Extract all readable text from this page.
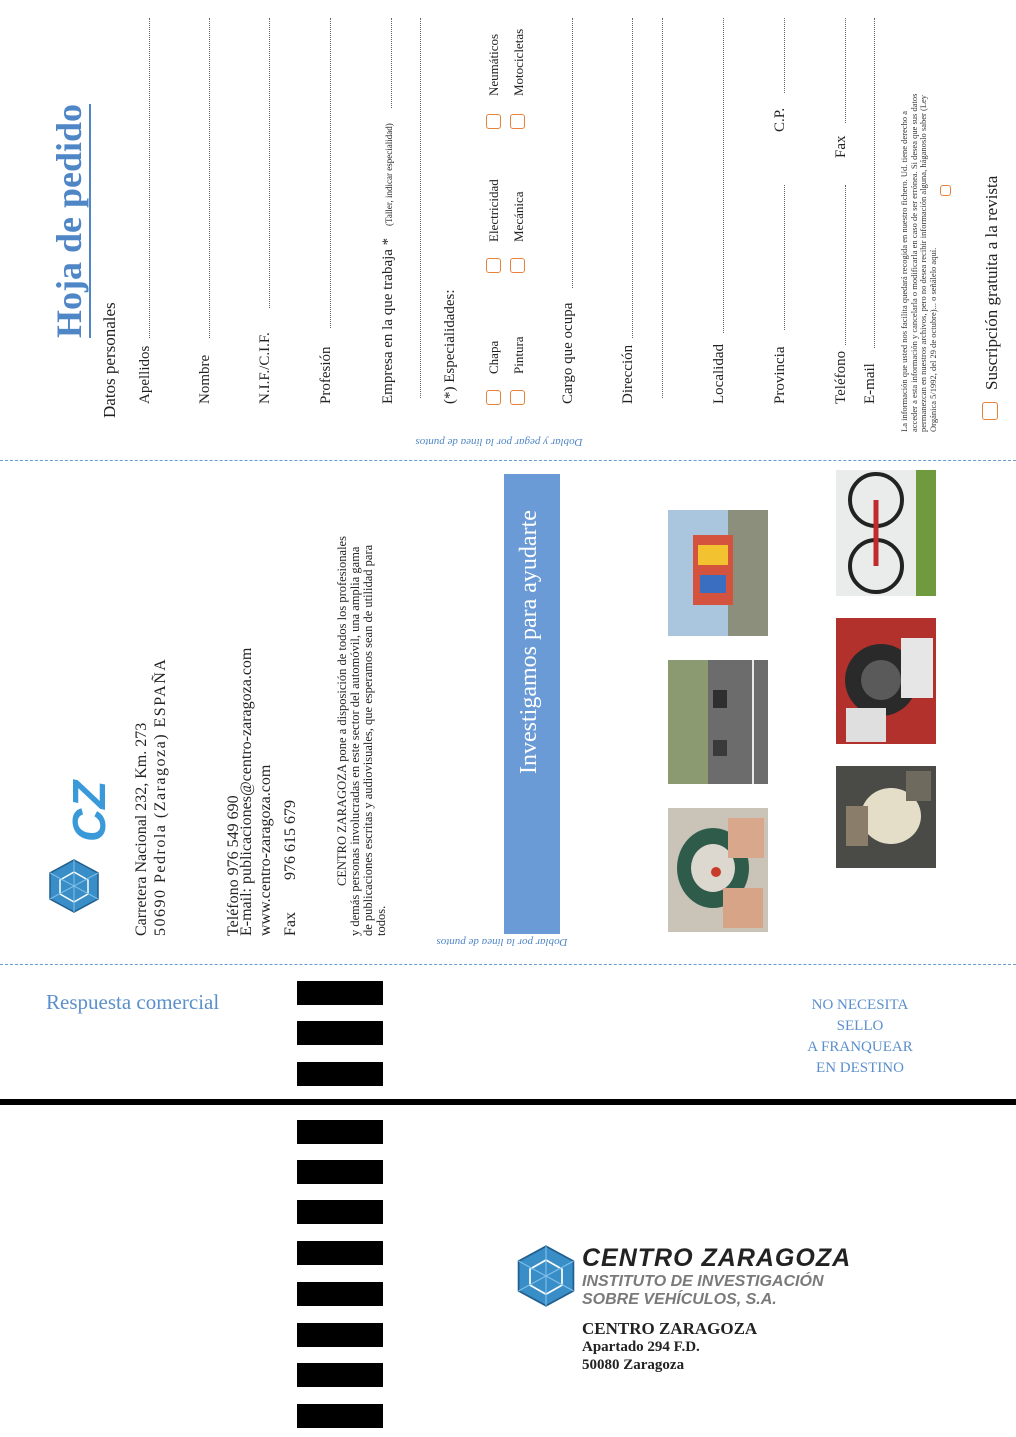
Hoja de pedido
Datos personales Apellidos	Nombre	N.I.F./C.I.F.	Profesión	Empresa en la que trabaja *
(Taller, indicar especialidad)
(*) Especialidades: Chapa Pintura
Electricidad Mecánica
Neumáticos Motocicletas
Cargo que ocupa	Dirección	Localidad	Provincia
C.P.
Teléfono
Fax
E-mail La información que usted nos facilita quedará recogida en nuestro fichero. Ud. tiene derecho a acceder a esta información y cancelarla o modificarla en caso de ser errónea. Si desea que sus datos permanezcan en nuestros archivos, pero no desea recibir información alguna, háganoslo saber (Ley Orgánica 5/1992, del 29 de octubre)... o señálelo aquí.	Suscripción gratuita a la revista
Doblar y pegar por la línea de puntos
CZ Carretera Nacional 232, Km. 273 50690 Pedrola (Zaragoza) ESPAÑA

	Teléfono 976 549 690

	Fax        976 615 679

E-mail: publicaciones@centro-zaragoza.com www.centro-zaragoza.com	CENTRO ZARAGOZA pone a disposición de todos los profesionales y demás personas involucradas en este sector del automóvil, una amplia gama de publicaciones escritas y audiovisuales, que esperamos sean de utilidad para todos.
Investigamos para ayudarte
Doblar por la línea de puntos
Respuesta comercial	NO NECESITA
SELLO
A FRANQUEAR
EN DESTINO
CENTRO ZARAGOZA
INSTITUTO DE INVESTIGACIÓN
SOBRE VEHÍCULOS, S.A.
CENTRO ZARAGOZA
Apartado 294 F.D.
50080 Zaragoza
